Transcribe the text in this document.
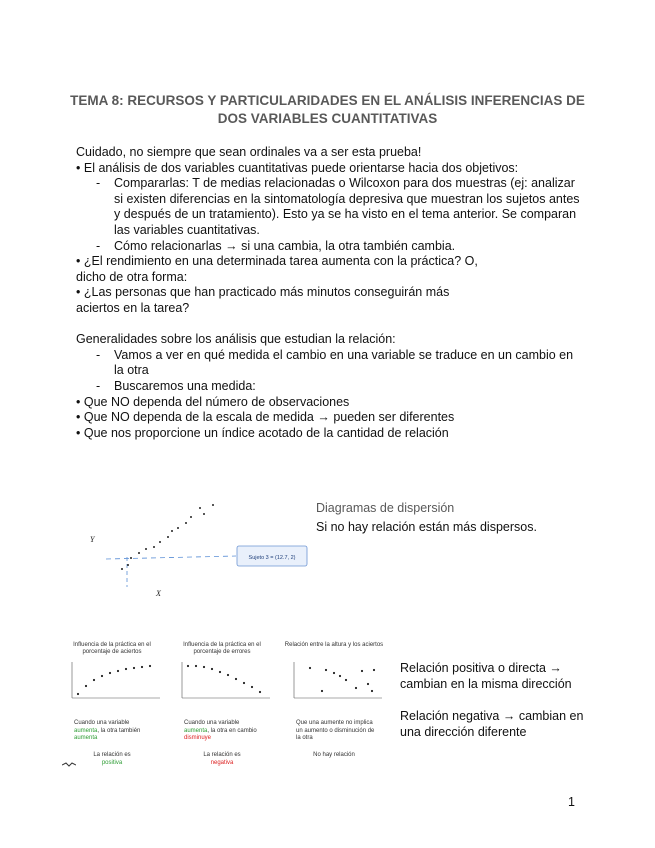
TEMA 8: RECURSOS Y PARTICULARIDADES EN EL ANÁLISIS INFERENCIAS DE DOS VARIABLES CUANTITATIVAS

Cuidado, no siempre que sean ordinales va a ser esta prueba!

• El análisis de dos variables cuantitativas puede orientarse hacia dos objetivos:

- Compararlas: T de medias relacionadas o Wilcoxon para dos muestras (ej: analizar si existen diferencias en la sintomatología depresiva que muestran los sujetos antes y después de un tratamiento). Esto ya se ha visto en el tema anterior. Se comparan las variables cuantitativas.
- Cómo relacionarlas → si una cambia, la otra también cambia.

• ¿El rendimiento en una determinada tarea aumenta con la práctica? O, dicho de otra forma:

• ¿Las personas que han practicado más minutos conseguirán más aciertos en la tarea?

Generalidades sobre los análisis que estudian la relación:

- Vamos a ver en qué medida el cambio en una variable se traduce en un cambio en la otra
- Buscaremos una medida:

• Que NO dependa del número de observaciones

• Que NO dependa de la escala de medida → pueden ser diferentes

• Que nos proporcione un índice acotado de la cantidad de relación

Y
X
Sujeto 3 = (12.7, 2)
Diagramas de dispersión
Si no hay relación están más dispersos.
Influencia de la práctica en el porcentaje de aciertos
Cuando una variable aumenta, la otra también aumenta
La relación es
positiva
Influencia de la práctica en el porcentaje de errores
Cuando una variable aumenta, la otra en cambio disminuye
La relación es
negativa
Relación entre la altura y los aciertos
Que una aumente no implica un aumento o disminución de la otra
No hay relación
Relación positiva o directa → cambian en la misma dirección
Relación negativa → cambian en una dirección diferente
1
